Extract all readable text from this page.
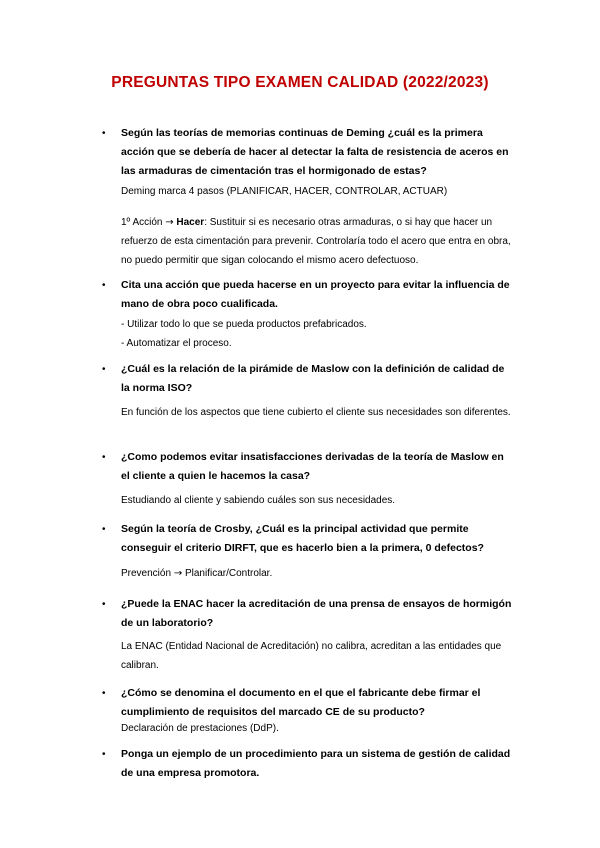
PREGUNTAS TIPO EXAMEN CALIDAD (2022/2023)
• Según las teorías de memorias continuas de Deming ¿cuál es la primera acción que se debería de hacer al detectar la falta de resistencia de aceros en las armaduras de cimentación tras el hormigonado de estas?
Deming marca 4 pasos (PLANIFICAR, HACER, CONTROLAR, ACTUAR)
1º Acción → Hacer: Sustituir si es necesario otras armaduras, o si hay que hacer un refuerzo de esta cimentación para prevenir. Controlaría todo el acero que entra en obra, no puedo permitir que sigan colocando el mismo acero defectuoso.
• Cita una acción que pueda hacerse en un proyecto para evitar la influencia de mano de obra poco cualificada.
- Utilizar todo lo que se pueda productos prefabricados.
- Automatizar el proceso.
• ¿Cuál es la relación de la pirámide de Maslow con la definición de calidad de la norma ISO?
En función de los aspectos que tiene cubierto el cliente sus necesidades son diferentes.
• ¿Como podemos evitar insatisfacciones derivadas de la teoría de Maslow en el cliente a quien le hacemos la casa?
Estudiando al cliente y sabiendo cuáles son sus necesidades.
• Según la teoría de Crosby, ¿Cuál es la principal actividad que permite conseguir el criterio DIRFT, que es hacerlo bien a la primera, 0 defectos?
Prevención → Planificar/Controlar.
• ¿Puede la ENAC hacer la acreditación de una prensa de ensayos de hormigón de un laboratorio?
La ENAC (Entidad Nacional de Acreditación) no calibra, acreditan a las entidades que calibran.
• ¿Cómo se denomina el documento en el que el fabricante debe firmar el cumplimiento de requisitos del marcado CE de su producto?
Declaración de prestaciones (DdP).
• Ponga un ejemplo de un procedimiento para un sistema de gestión de calidad de una empresa promotora.
